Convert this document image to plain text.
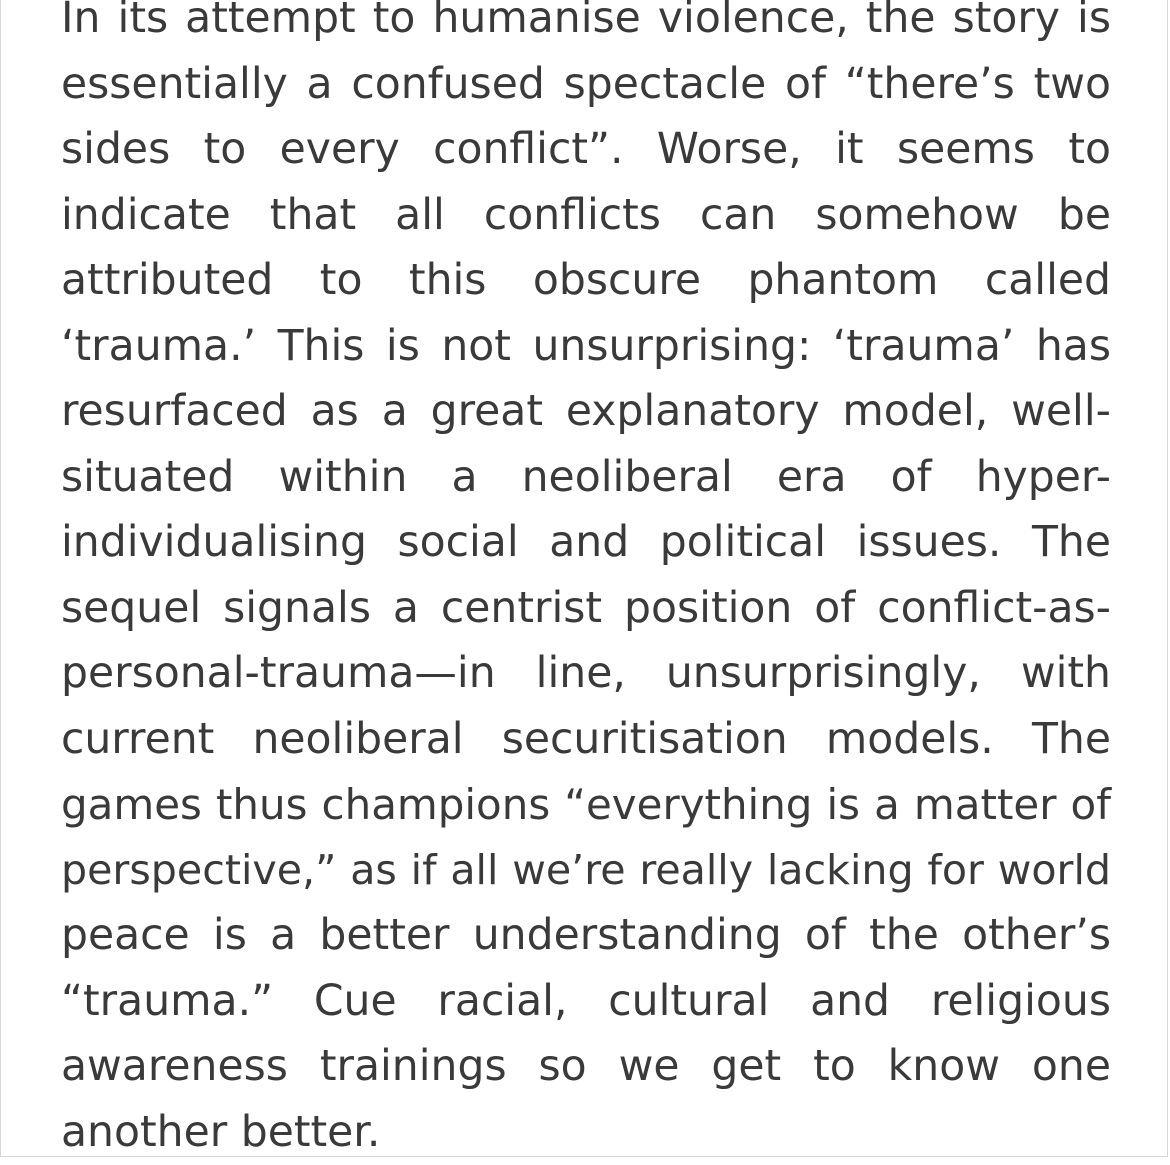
In its attempt to humanise violence, the story is
essentially a confused spectacle of “there’s two
sides to every conflict”. Worse, it seems to
indicate that all conflicts can somehow be
attributed to this obscure phantom called
‘trauma.’ This is not unsurprising: ‘trauma’ has
resurfaced as a great explanatory model, well-
situated within a neoliberal era of hyper-
individualising social and political issues. The
sequel signals a centrist position of conflict-as-
personal-trauma—in line, unsurprisingly, with
current neoliberal securitisation models. The
games thus champions “everything is a matter of
perspective,” as if all we’re really lacking for world
peace is a better understanding of the other’s
“trauma.” Cue racial, cultural and religious
awareness trainings so we get to know one
another better.
